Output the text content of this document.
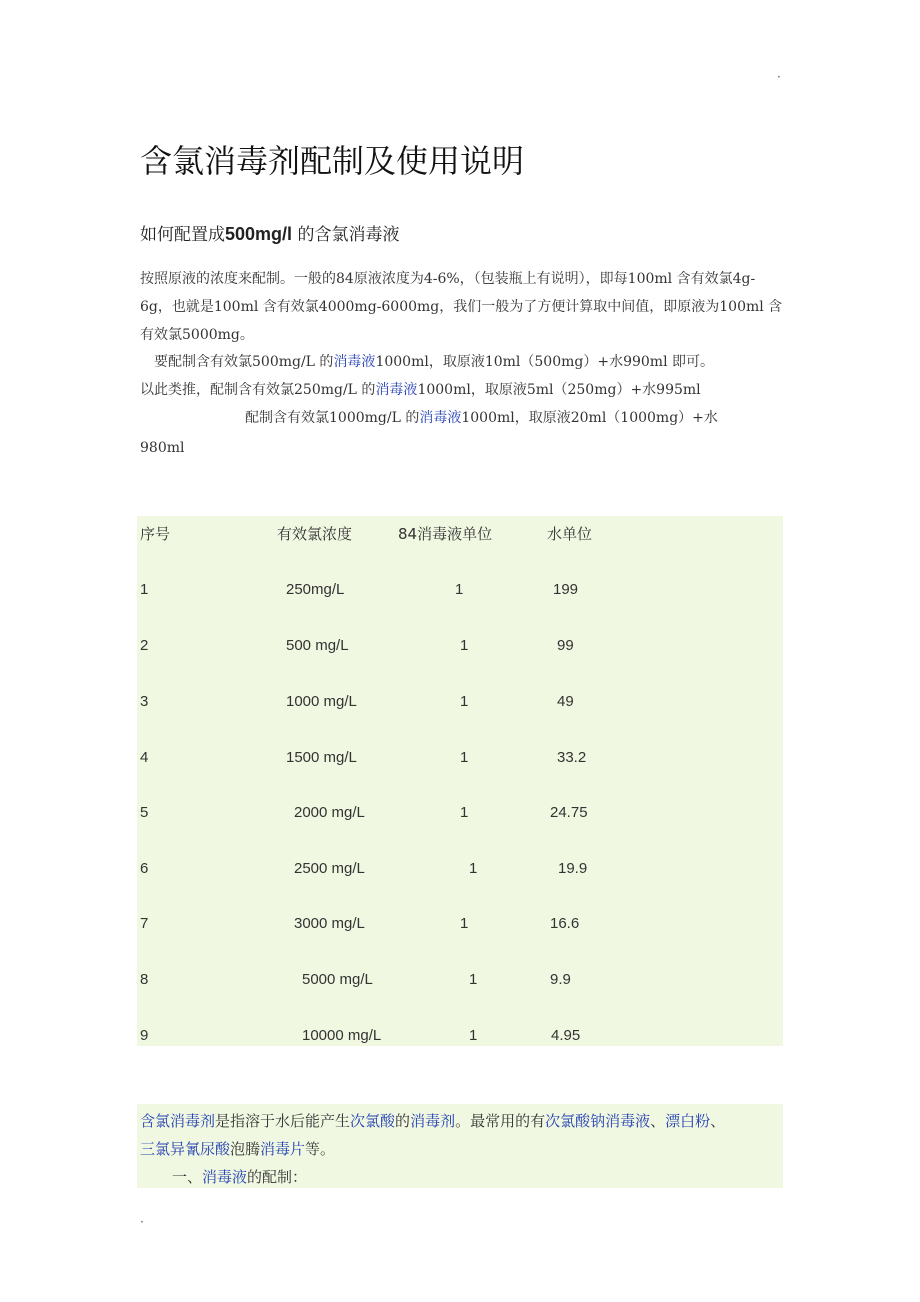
·
含氯消毒剂配制及使用说明
如何配置成500mg/l 的含氯消毒液
按照原液的浓度来配制。一般的84原液浓度为4-6%，（包装瓶上有说明），即每100ml 含有效氯4g-6g，也就是100ml 含有效氯4000mg-6000mg，我们一般为了方便计算取中间值，即原液为100ml 含有效氯5000mg。
要配制含有效氯500mg/L 的消毒液1000ml，取原液10ml（500mg）+水990ml 即可。
以此类推，配制含有效氯250mg/L 的消毒液1000ml，取原液5ml（250mg）+水995ml
配制含有效氯1000mg/L 的消毒液1000ml，取原液20ml（1000mg）+水
980ml
序号	有效氯浓度	84消毒液单位	水单位
1	250mg/L	1	199
2	500 mg/L	1	99
3	1000 mg/L	1	49
4	1500 mg/L	1	33.2
5	2000 mg/L	1	24.75
6	2500 mg/L	1	19.9
7	3000 mg/L	1	16.6
8	5000 mg/L	1	9.9
9	10000 mg/L	1	4.95
含氯消毒剂是指溶于水后能产生次氯酸的消毒剂。最常用的有次氯酸钠消毒液、漂白粉、
三氯异氰尿酸泡腾消毒片等。
一、消毒液的配制：
·
